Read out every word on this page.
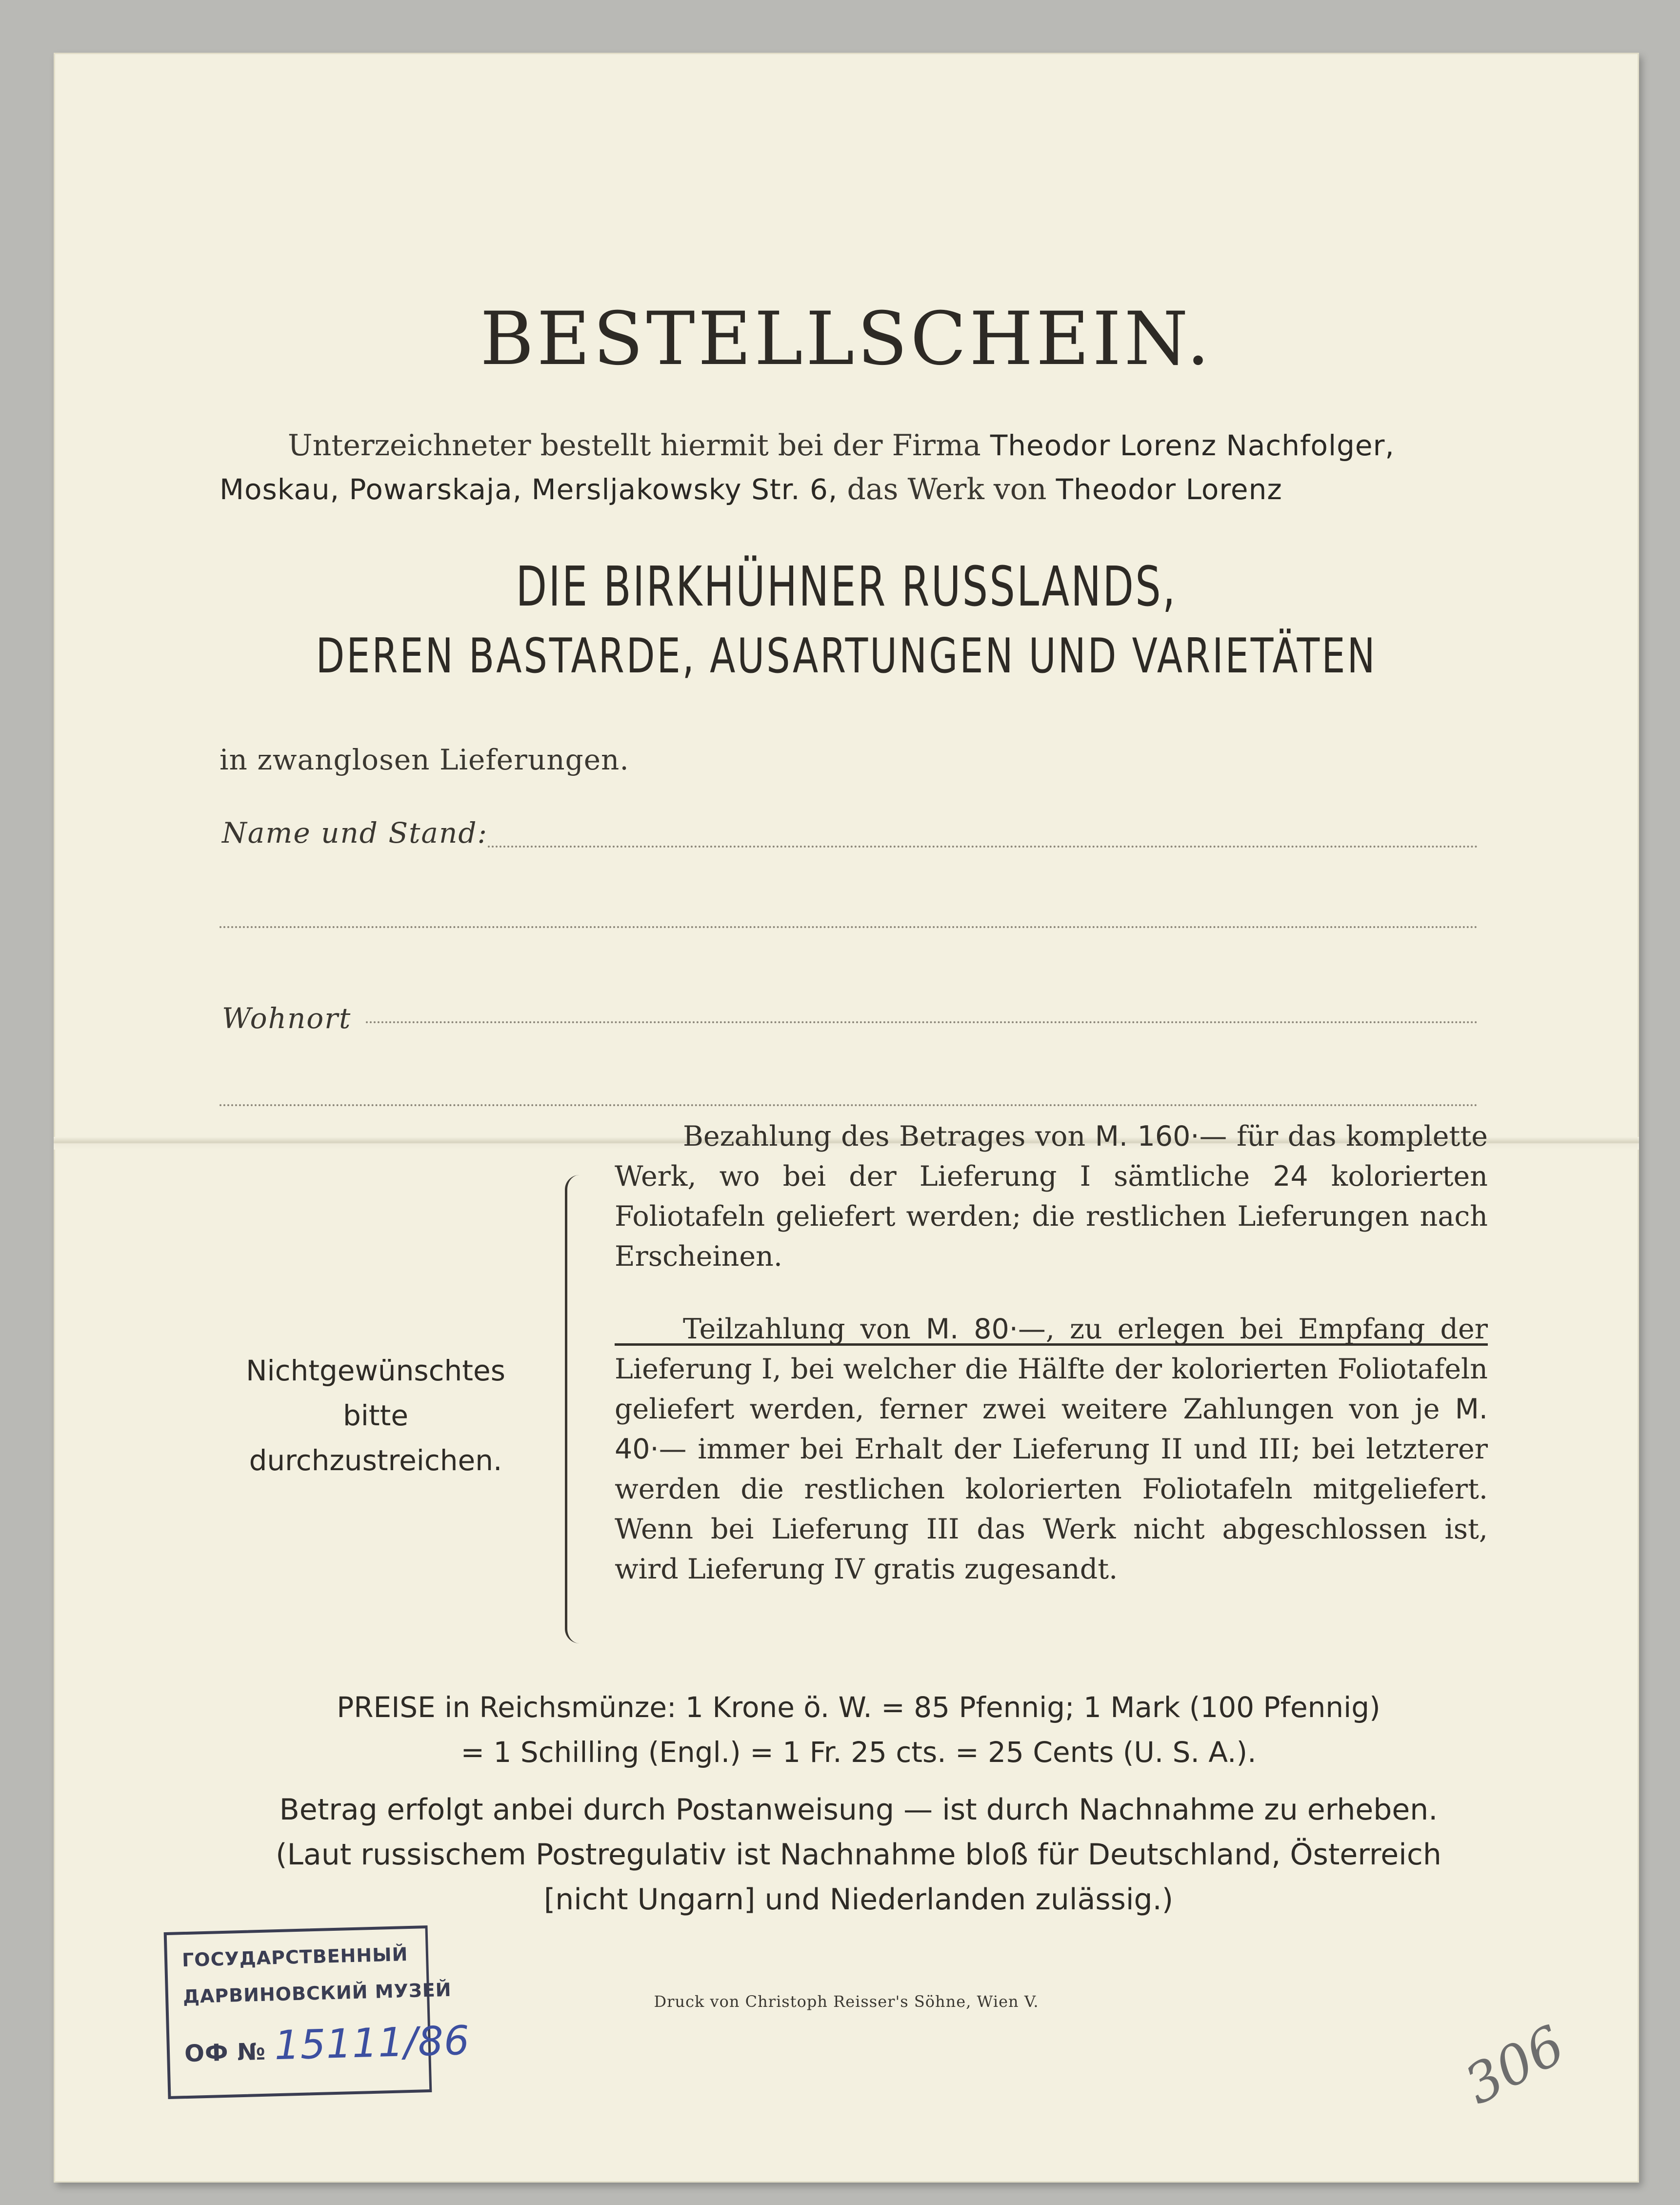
BESTELLSCHEIN.
Unterzeichneter bestellt hiermit bei der Firma Theodor Lorenz Nachfolger,
Moskau, Powarskaja, Mersljakowsky Str. 6, das Werk von Theodor Lorenz
DIE BIRKHÜHNER RUSSLANDS,
DEREN BASTARDE, AUSARTUNGEN UND VARIETÄTEN
in zwanglosen Lieferungen.
Name und Stand:
Wohnort
Nichtgewünschtes bitte durchzustreichen.
Bezahlung des Betrages von M. 160·— für das komplette Werk, wo bei der Lieferung I sämtliche 24 kolorierten Foliotafeln geliefert werden; die restlichen Lieferungen nach Erscheinen.
Teilzahlung von M. 80·—, zu erlegen bei Empfang der Lieferung I, bei welcher die Hälfte der kolorierten Foliotafeln geliefert werden, ferner zwei weitere Zahlungen von je M. 40·— immer bei Erhalt der Lieferung II und III; bei letzterer werden die restlichen kolorierten Foliotafeln mitgeliefert. Wenn bei Lieferung III das Werk nicht abgeschlossen ist, wird Lieferung IV gratis zugesandt.
PREISE in Reichsmünze: 1 Krone ö. W. = 85 Pfennig; 1 Mark (100 Pfennig)
= 1 Schilling (Engl.) = 1 Fr. 25 cts. = 25 Cents (U. S. A.).
Betrag erfolgt anbei durch Postanweisung — ist durch Nachnahme zu erheben.
(Laut russischem Postregulativ ist Nachnahme bloß für Deutschland, Österreich
[nicht Ungarn] und Niederlanden zulässig.)
Druck von Christoph Reisser's Söhne, Wien V.
ГОСУДАРСТВЕННЫЙ
ДАРВИНОВСКИЙ МУЗЕЙ
ОФ № 15111/86	306
